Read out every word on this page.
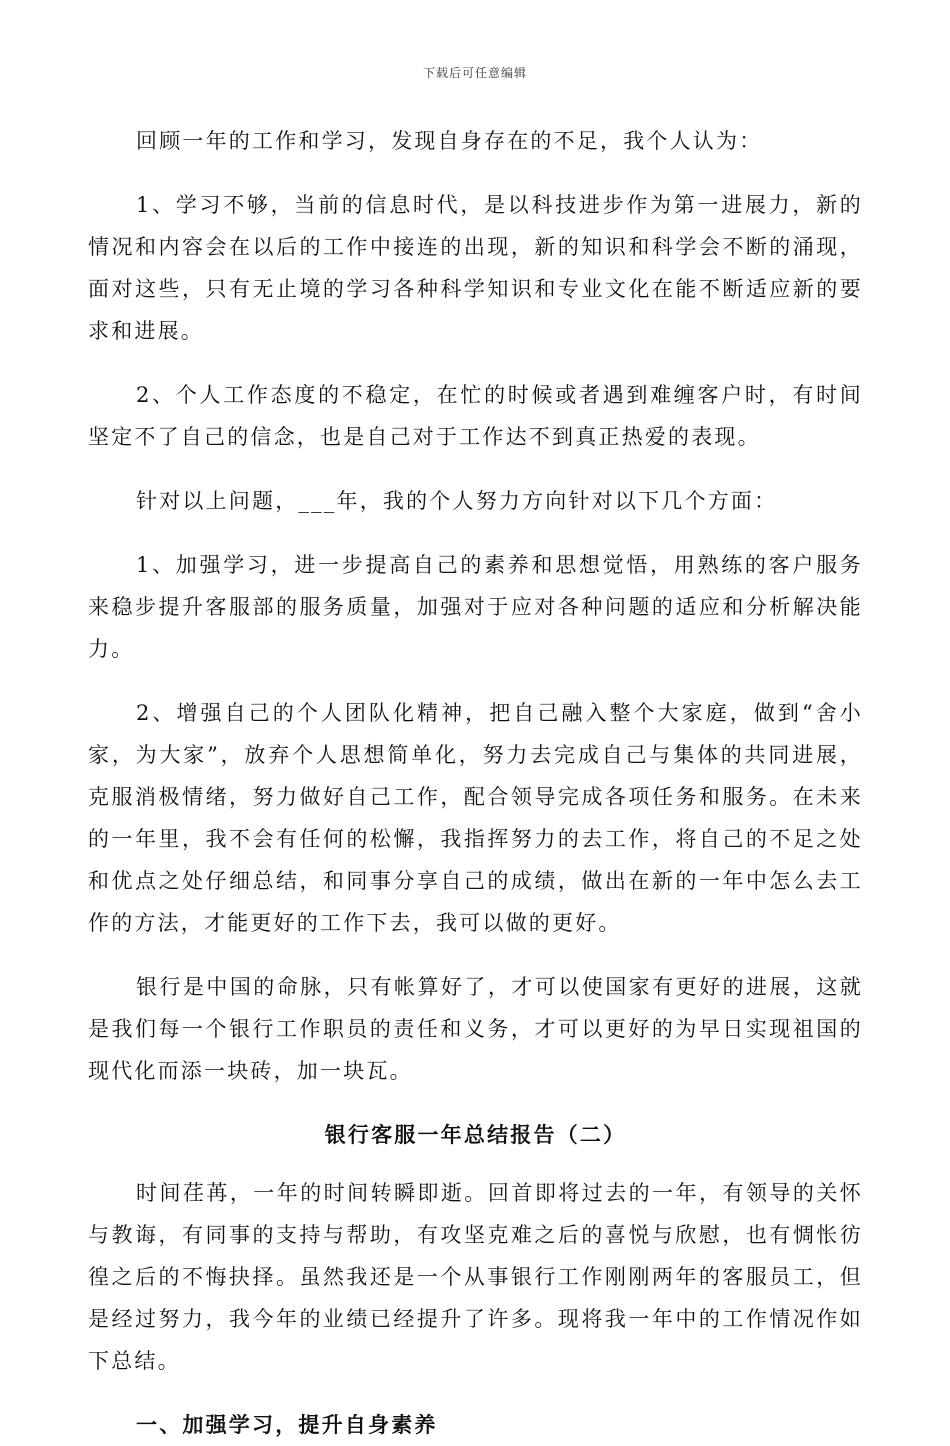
下载后可任意编辑

回顾一年的工作和学习，发现自身存在的不足，我个人认为：

1、学习不够，当前的信息时代，是以科技进步作为第一进展力，新的情况和内容会在以后的工作中接连的出现，新的知识和科学会不断的涌现，面对这些，只有无止境的学习各种科学知识和专业文化在能不断适应新的要求和进展。

2、个人工作态度的不稳定，在忙的时候或者遇到难缠客户时，有时间坚定不了自己的信念，也是自己对于工作达不到真正热爱的表现。

针对以上问题，___年，我的个人努力方向针对以下几个方面：

1、加强学习，进一步提高自己的素养和思想觉悟，用熟练的客户服务来稳步提升客服部的服务质量，加强对于应对各种问题的适应和分析解决能力。

2、增强自己的个人团队化精神，把自己融入整个大家庭，做到“舍小家，为大家”，放弃个人思想简单化，努力去完成自己与集体的共同进展，克服消极情绪，努力做好自己工作，配合领导完成各项任务和服务。在未来的一年里，我不会有任何的松懈，我指挥努力的去工作，将自己的不足之处和优点之处仔细总结，和同事分享自己的成绩，做出在新的一年中怎么去工作的方法，才能更好的工作下去，我可以做的更好。

银行是中国的命脉，只有帐算好了，才可以使国家有更好的进展，这就是我们每一个银行工作职员的责任和义务，才可以更好的为早日实现祖国的现代化而添一块砖，加一块瓦。

银行客服一年总结报告（二）

时间荏苒，一年的时间转瞬即逝。回首即将过去的一年，有领导的关怀与教诲，有同事的支持与帮助，有攻坚克难之后的喜悦与欣慰，也有惆怅彷徨之后的不悔抉择。虽然我还是一个从事银行工作刚刚两年的客服员工，但是经过努力，我今年的业绩已经提升了许多。现将我一年中的工作情况作如下总结。

一、加强学习，提升自身素养
